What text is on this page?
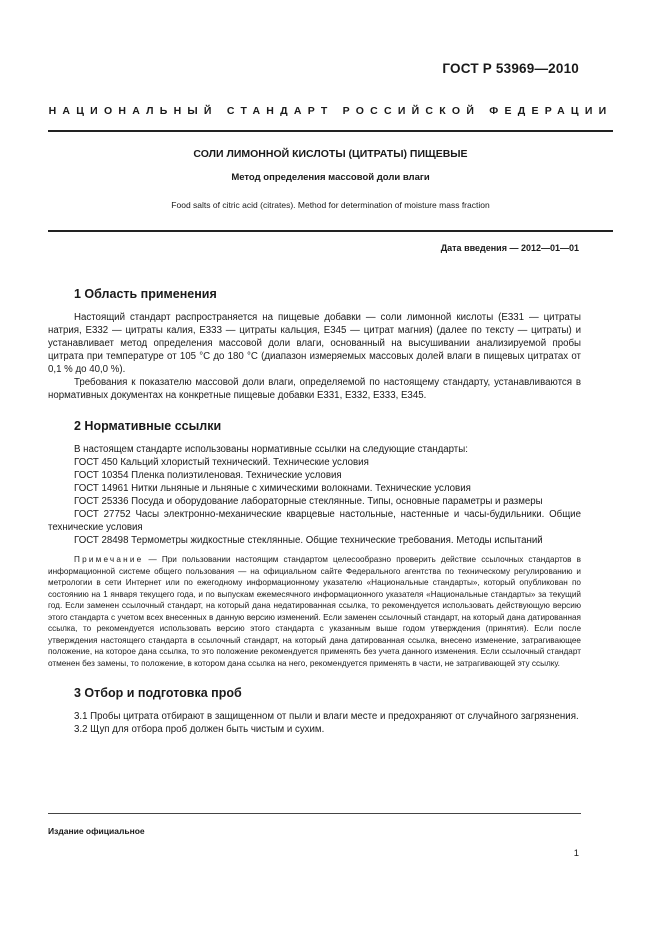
ГОСТ Р 53969—2010
НАЦИОНАЛЬНЫЙ СТАНДАРТ РОССИЙСКОЙ ФЕДЕРАЦИИ
СОЛИ ЛИМОННОЙ КИСЛОТЫ (ЦИТРАТЫ) ПИЩЕВЫЕ
Метод определения массовой доли влаги
Food salts of citric acid (citrates). Method for determination of moisture mass fraction
Дата введения — 2012—01—01
1 Область применения

Настоящий стандарт распространяется на пищевые добавки — соли лимонной кислоты (Е331 — цитраты натрия, Е332 — цитраты калия, Е333 — цитраты кальция, Е345 — цитрат магния) (далее по тексту — цитраты) и устанавливает метод определения массовой доли влаги, основанный на высушивании анализируемой пробы цитрата при температуре от 105 °С до 180 °С (диапазон измеряемых массовых долей влаги в пищевых цитратах от 0,1 % до 40,0 %).

Требования к показателю массовой доли влаги, определяемой по настоящему стандарту, устанавливаются в нормативных документах на конкретные пищевые добавки Е331, Е332, Е333, Е345.

2 Нормативные ссылки

В настоящем стандарте использованы нормативные ссылки на следующие стандарты:

ГОСТ 450 Кальций хлористый технический. Технические условия

ГОСТ 10354 Пленка полиэтиленовая. Технические условия

ГОСТ 14961 Нитки льняные и льняные с химическими волокнами. Технические условия

ГОСТ 25336 Посуда и оборудование лабораторные стеклянные. Типы, основные параметры и размеры

ГОСТ 27752 Часы электронно-механические кварцевые настольные, настенные и часы-будильники. Общие технические условия

ГОСТ 28498 Термометры жидкостные стеклянные. Общие технические требования. Методы испытаний

Примечание — При пользовании настоящим стандартом целесообразно проверить действие ссылочных стандартов в информационной системе общего пользования — на официальном сайте Федерального агентства по техническому регулированию и метрологии в сети Интернет или по ежегодному информационному указателю «Национальные стандарты», который опубликован по состоянию на 1 января текущего года, и по выпускам ежемесячного информационного указателя «Национальные стандарты» за текущий год. Если заменен ссылочный стандарт, на который дана недатированная ссылка, то рекомендуется использовать действующую версию этого стандарта с учетом всех внесенных в данную версию изменений. Если заменен ссылочный стандарт, на который дана датированная ссылка, то рекомендуется использовать версию этого стандарта с указанным выше годом утверждения (принятия). Если после утверждения настоящего стандарта в ссылочный стандарт, на который дана датированная ссылка, внесено изменение, затрагивающее положение, на которое дана ссылка, то это положение рекомендуется применять без учета данного изменения. Если ссылочный стандарт отменен без замены, то положение, в котором дана ссылка на него, рекомендуется применять в части, не затрагивающей эту ссылку.

3 Отбор и подготовка проб

3.1 Пробы цитрата отбирают в защищенном от пыли и влаги месте и предохраняют от случайного загрязнения.

3.2 Щуп для отбора проб должен быть чистым и сухим.

Издание официальное
1
